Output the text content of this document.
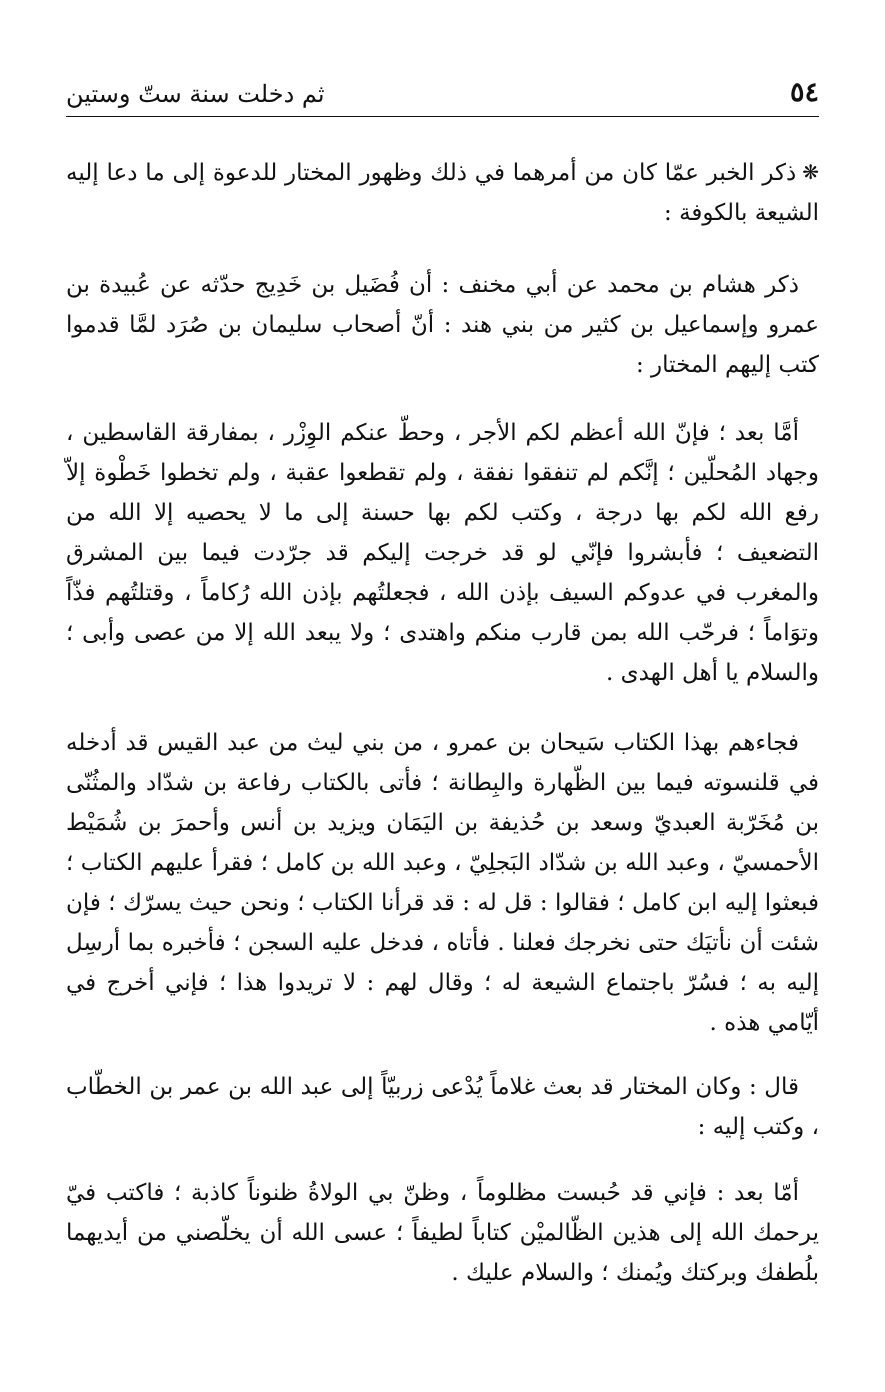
٥٤
ثم دخلت سنة ستّ وستين

❋ذكر الخبر عمّا كان من أمرهما في ذلك وظهور المختار للدعوة إلى ما دعا إليه الشيعة بالكوفة :

ذكر هشام بن محمد عن أبي مخنف : أن فُضَيل بن خَدِيج حدّثه عن عُبيدة بن عمرو وإسماعيل بن كثير من بني هند : أنّ أصحاب سليمان بن صُرَد لمَّا قدموا كتب إليهم المختار :

أمَّا بعد ؛ فإنّ الله أعظم لكم الأجر ، وحطّ عنكم الوِزْر ، بمفارقة القاسطين ، وجهاد المُحلّين ؛ إنَّكم لم تنفقوا نفقة ، ولم تقطعوا عقبة ، ولم تخطوا خَطْوة إلاّ رفع الله لكم بها درجة ، وكتب لكم بها حسنة إلى ما لا يحصيه إلا الله من التضعيف ؛ فأبشروا فإنّي لو قد خرجت إليكم قد جرّدت فيما بين المشرق والمغرب في عدوكم السيف بإذن الله ، فجعلتُهم بإذن الله رُكاماً ، وقتلتُهم فذّاً وتوَاماً ؛ فرحّب الله بمن قارب منكم واهتدى ؛ ولا يبعد الله إلا من عصى وأبى ؛ والسلام يا أهل الهدى .

فجاءهم بهذا الكتاب سَيحان بن عمرو ، من بني ليث من عبد القيس قد أدخله في قلنسوته فيما بين الظّهارة والبِطانة ؛ فأتى بالكتاب رفاعة بن شدّاد والمثُنّى بن مُخَرّبة العبديّ وسعد بن حُذيفة بن اليَمَان ويزيد بن أنس وأحمرَ بن شُمَيْط الأحمسيّ ، وعبد الله بن شدّاد البَجلِيّ ، وعبد الله بن كامل ؛ فقرأ عليهم الكتاب ؛ فبعثوا إليه ابن كامل ؛ فقالوا : قل له : قد قرأنا الكتاب ؛ ونحن حيث يسرّك ؛ فإن شئت أن نأتيَك حتى نخرجك فعلنا . فأتاه ، فدخل عليه السجن ؛ فأخبره بما أرسِل إليه به ؛ فسُرّ باجتماع الشيعة له ؛ وقال لهم : لا تريدوا هذا ؛ فإني أخرج في أيّامي هذه .

قال : وكان المختار قد بعث غلاماً يُدْعى زربيّاً إلى عبد الله بن عمر بن الخطّاب ، وكتب إليه :

أمّا بعد : فإني قد حُبست مظلوماً ، وظنّ بي الولاةُ ظنوناً كاذبة ؛ فاكتب فيّ يرحمك الله إلى هذين الظّالميْن كتاباً لطيفاً ؛ عسى الله أن يخلّصني من أيديهما بلُطفك وبركتك ويُمنك ؛ والسلام عليك .
